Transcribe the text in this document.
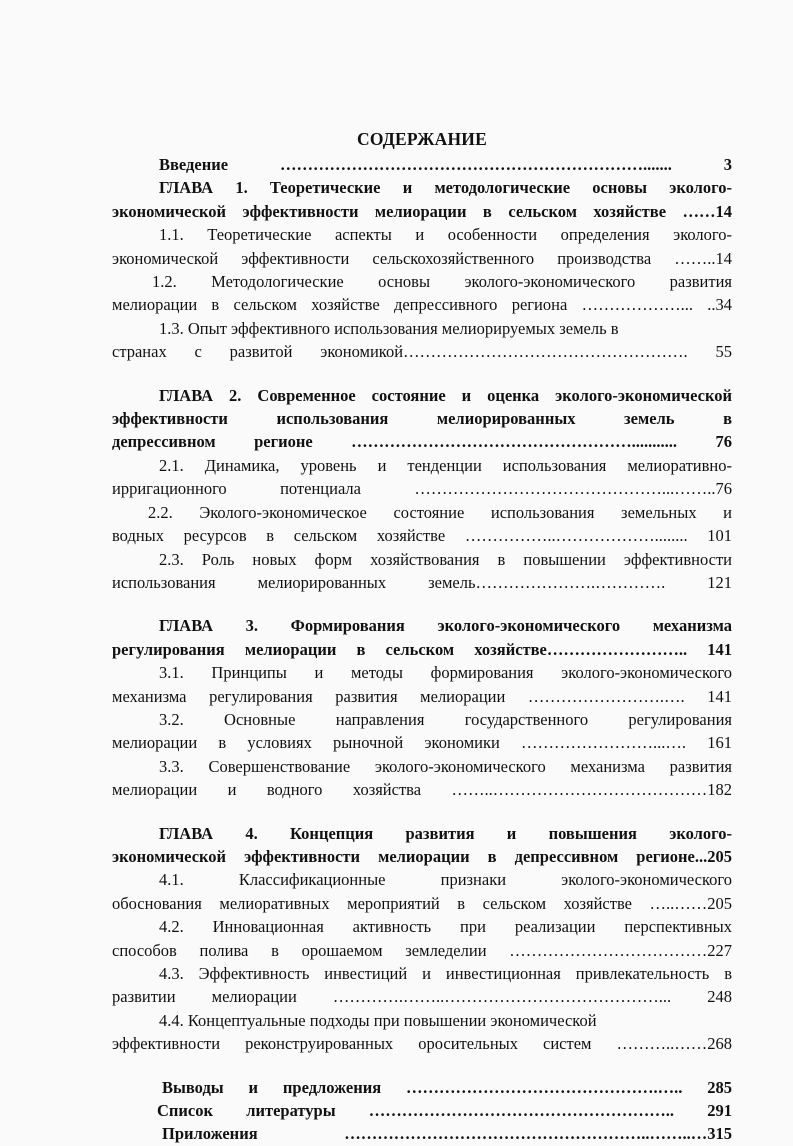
СОДЕРЖАНИЕ
Введение …………………………………………………………....... 3
ГЛАВА 1. Теоретические и методологические основы эколого-
экономической эффективности мелиорации в сельском хозяйстве ……14
1.1. Теоретические аспекты и особенности определения эколого-
экономической эффективности сельскохозяйственного производства ……..14
1.2. Методологические основы эколого-экономического развития
мелиорации в сельском хозяйстве депрессивного региона ………………... ..34
1.3. Опыт эффективного использования мелиорируемых земель в
странах с развитой экономикой……………………………………………. 55
ГЛАВА 2. Современное состояние и оценка эколого-экономической
эффективности использования мелиорированных земель в
депрессивном регионе ……………………………………………........... 76
2.1. Динамика, уровень и тенденции использования мелиоративно-
ирригационного потенциала ………………………………………...……..76
2.2. Эколого-экономическое состояние использования земельных и
водных ресурсов в сельском хозяйстве ……………..………………........ 101
2.3. Роль новых форм хозяйствования в повышении эффективности
использования мелиорированных земель………………….…………. 121
ГЛАВА 3. Формирования эколого-экономического механизма
регулирования мелиорации в сельском хозяйстве…………………….. 141
3.1. Принципы и методы формирования эколого-экономического
механизма регулирования развития мелиорации …………………….…. 141
3.2. Основные направления государственного регулирования
мелиорации в условиях рыночной экономики ……………………...…. 161
3.3. Совершенствование эколого-экономического механизма развития
мелиорации и водного хозяйства ……..…………………………………182
ГЛАВА 4. Концепция развития и повышения эколого-
экономической эффективности мелиорации в депрессивном регионе...205
4.1. Классификационные признаки эколого-экономического
обоснования мелиоративных мероприятий в сельском хозяйстве …..……205
4.2. Инновационная активность при реализации перспективных
способов полива в орошаемом земледелии ………………………………227
4.3. Эффективность инвестиций и инвестиционная привлекательность в
развитии мелиорации ………….……..…………………………………... 248
4.4. Концептуальные подходы при повышении экономической
эффективности реконструированных оросительных систем ………..……268
Выводы и предложения ……………………………………….….. 285
Список литературы ……………………………………………….. 291
Приложения ………………………………………………..……..…315
